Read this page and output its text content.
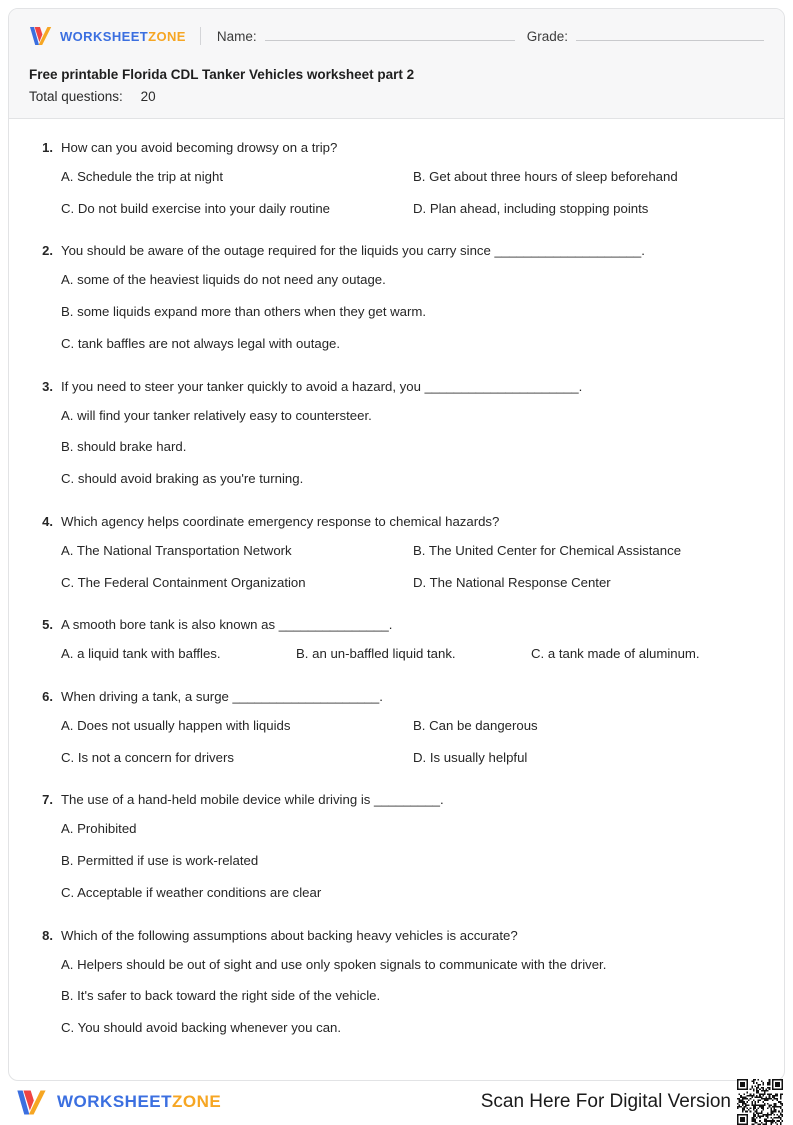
WORKSHEETZONE Name:	Grade:
Free printable Florida CDL Tanker Vehicles worksheet part 2
Total questions: 20
1. How can you avoid becoming drowsy on a trip?
A. Schedule the trip at night	B. Get about three hours of sleep beforehand
C. Do not build exercise into your daily routine	D. Plan ahead, including stopping points
2. You should be aware of the outage required for the liquids you carry since ____________________.
A. some of the heaviest liquids do not need any outage.
B. some liquids expand more than others when they get warm.
C. tank baffles are not always legal with outage.
3. If you need to steer your tanker quickly to avoid a hazard, you _____________________.
A. will find your tanker relatively easy to countersteer.
B. should brake hard.
C. should avoid braking as you're turning.
4. Which agency helps coordinate emergency response to chemical hazards?
A. The National Transportation Network	B. The United Center for Chemical Assistance
C. The Federal Containment Organization	D. The National Response Center
5. A smooth bore tank is also known as _______________.
A. a liquid tank with baffles.	B. an un-baffled liquid tank.	C. a tank made of aluminum.
6. When driving a tank, a surge ____________________.
A. Does not usually happen with liquids	B. Can be dangerous
C. Is not a concern for drivers	D. Is usually helpful
7. The use of a hand-held mobile device while driving is _________.
A. Prohibited
B. Permitted if use is work-related
C. Acceptable if weather conditions are clear
8. Which of the following assumptions about backing heavy vehicles is accurate?
A. Helpers should be out of sight and use only spoken signals to communicate with the driver.
B. It's safer to back toward the right side of the vehicle.
C. You should avoid backing whenever you can.
WORKSHEETZONE	Scan Here For Digital Version
